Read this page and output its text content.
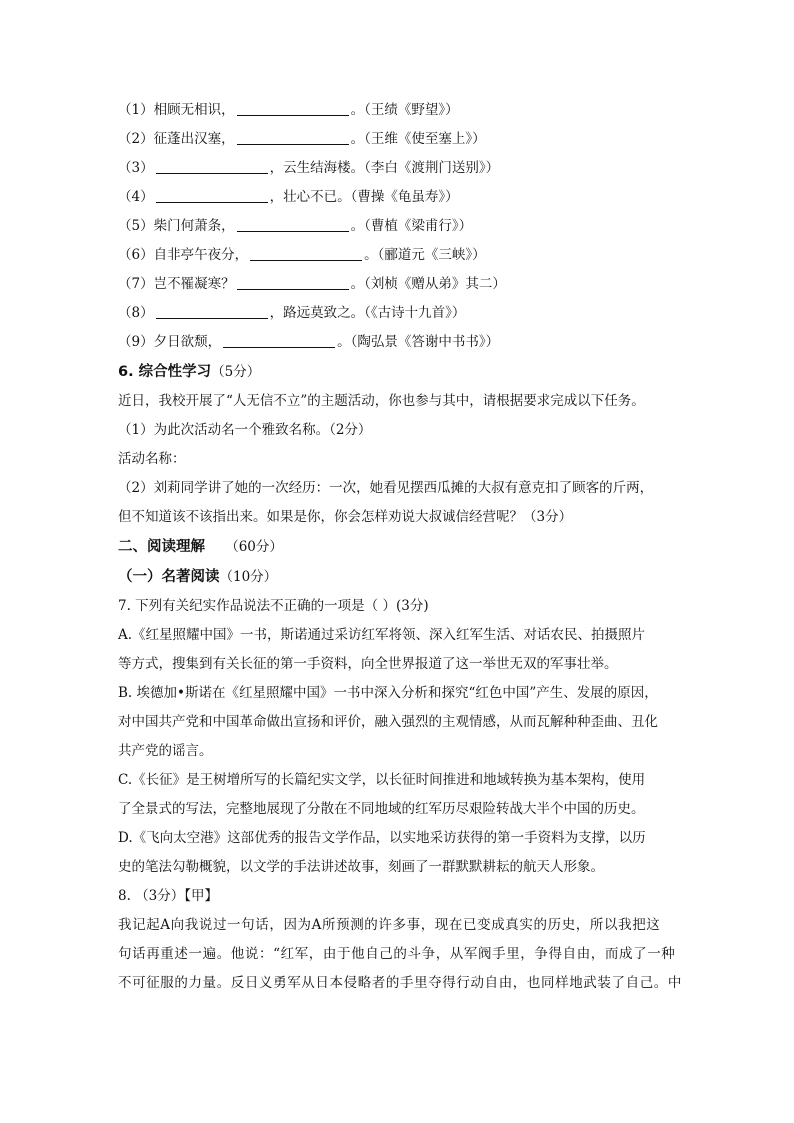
（1）相顾无相识，	。（王绩《野望》）
（2）征蓬出汉塞，	。（王维《使至塞上》）
（3）	，云生结海楼。（李白《渡荆门送别》）
（4）	，壮心不已。（曹操《龟虽寿》）
（5）柴门何萧条，	。（曹植《梁甫行》）
（6）自非亭午夜分，	。（郦道元《三峡》）
（7）岂不罹凝寒？	。（刘桢《赠从弟》其二）
（8）	，路远莫致之。（《古诗十九首》）
（9）夕日欲颓，	。（陶弘景《答谢中书书》）
6. 综合性学习（5分）
近日，我校开展了“人无信不立”的主题活动，你也参与其中，请根据要求完成以下任务。
（1）为此次活动名一个雅致名称。（2分）
活动名称：
（2）刘莉同学讲了她的一次经历：一次，她看见摆西瓜摊的大叔有意克扣了顾客的斤两，
但不知道该不该指出来。如果是你，你会怎样劝说大叔诚信经营呢？（3分）
二、阅读理解 （60分）
（一）名著阅读（10分）
7. 下列有关纪实作品说法不正确的一项是（ ）(3分)
A.《红星照耀中国》一书，斯诺通过采访红军将领、深入红军生活、对话农民、拍摄照片
等方式，搜集到有关长征的第一手资料，向全世界报道了这一举世无双的军事壮举。
B. 埃德加•斯诺在《红星照耀中国》一书中深入分析和探究“红色中国”产生、发展的原因，
对中国共产党和中国革命做出宣扬和评价，融入强烈的主观情感，从而瓦解种种歪曲、丑化
共产党的谣言。
C.《长征》是王树增所写的长篇纪实文学，以长征时间推进和地域转换为基本架构，使用
了全景式的写法，完整地展现了分散在不同地域的红军历尽艰险转战大半个中国的历史。
D.《飞向太空港》这部优秀的报告文学作品，以实地采访获得的第一手资料为支撑，以历
史的笔法勾勒概貌，以文学的手法讲述故事，刻画了一群默默耕耘的航天人形象。
8. （3分）【甲】
我记起A向我说过一句话，因为A所预测的许多事，现在已变成真实的历史，所以我把这
句话再重述一遍。他说：“红军，由于他自己的斗争，从军阀手里，争得自由，而成了一种
不可征服的力量。反日义勇军从日本侵略者的手里夺得行动自由，也同样地武装了自己。中
